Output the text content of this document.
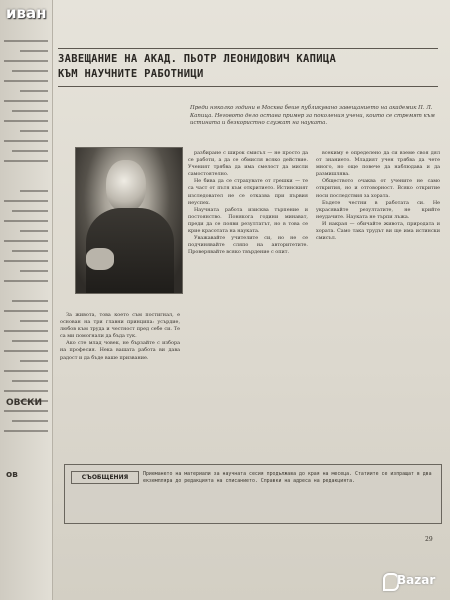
ОВСКИ
ов
иван

ЗАВЕЩАНИЕ НА АКАД. ПЬОТР ЛЕОНИДОВИЧ КАПИЦА

КЪМ НАУЧНИТЕ РАБОТНИЦИ

Преди няколко години в Москва беше публикувано завещанието на академик П. Л. Капица. Неговото дело остава пример за поколения учени, които се стремят към истината и безкористно служат на науката.

За живота, това което съм постигнал, е основан на три главни принципа: усърдие, любов към труда и честност пред себе си. Те са ми помогнали да бъда тук.

Ако сте млад човек, не бързайте с избора на професия. Нека вашата работа ви дава радост и да бъде ваше призвание.

разбиране с широк смисъл — не просто да се работи, а да се обмисля всяко действие. Ученият трябва да има смелост да мисли самостоятелно.

Не бива да се страхувате от грешки — те са част от пътя към откритието. Истинският изследовател не се отказва при първия неуспех.

Научната работа изисква търпение и постоянство. Понякога години минават, преди да се появи резултатът, но в това се крие красотата на науката.

Уважавайте учителите си, но не се подчинявайте сляпо на авторитетите. Проверявайте всяко твърдение с опит.

всекиму е определено да си вземе своя дял от знанието. Младият учен трябва да чете много, но още повече да наблюдава и да размишлява.

Обществото очаква от учените не само открития, но и отговорност. Всяко откритие носи последствия за хората.

Бъдете честни в работата си. Не украсявайте резултатите, не крийте неудачите. Науката не търпи лъжа.

И накрая — обичайте живота, природата и хората. Само така трудът ви ще има истински смисъл.

СЪОБЩЕНИЯ	Приемането на материали за научната сесия продължава до края на месеца. Статиите се изпращат в два екземпляра до редакцията на списанието. Справки на адреса на редакцията.
29
Bazar
